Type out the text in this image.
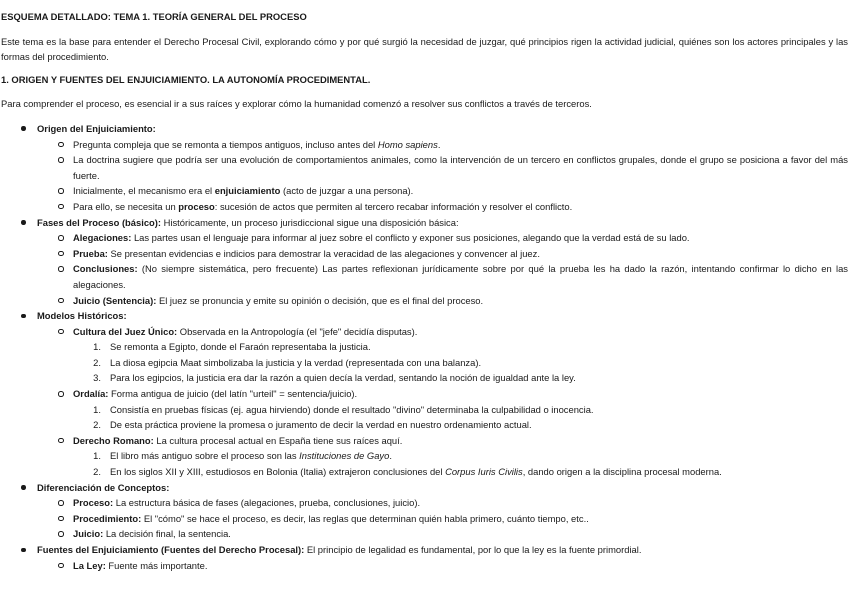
ESQUEMA DETALLADO: TEMA 1. TEORÍA GENERAL DEL PROCESO

Este tema es la base para entender el Derecho Procesal Civil, explorando cómo y por qué surgió la necesidad de juzgar, qué principios rigen la actividad judicial, quiénes son los actores principales y las formas del procedimiento.

1. ORIGEN Y FUENTES DEL ENJUICIAMIENTO. LA AUTONOMÍA PROCEDIMENTAL.

Para comprender el proceso, es esencial ir a sus raíces y explorar cómo la humanidad comenzó a resolver sus conflictos a través de terceros.

Origen del Enjuiciamiento:
Pregunta compleja que se remonta a tiempos antiguos, incluso antes del Homo sapiens.
La doctrina sugiere que podría ser una evolución de comportamientos animales, como la intervención de un tercero en conflictos grupales, donde el grupo se posiciona a favor del más fuerte.
Inicialmente, el mecanismo era el enjuiciamiento (acto de juzgar a una persona).
Para ello, se necesita un proceso: sucesión de actos que permiten al tercero recabar información y resolver el conflicto.
Fases del Proceso (básico): Históricamente, un proceso jurisdiccional sigue una disposición básica:
Alegaciones: Las partes usan el lenguaje para informar al juez sobre el conflicto y exponer sus posiciones, alegando que la verdad está de su lado.
Prueba: Se presentan evidencias e indicios para demostrar la veracidad de las alegaciones y convencer al juez.
Conclusiones: (No siempre sistemática, pero frecuente) Las partes reflexionan jurídicamente sobre por qué la prueba les ha dado la razón, intentando confirmar lo dicho en las alegaciones.
Juicio (Sentencia): El juez se pronuncia y emite su opinión o decisión, que es el final del proceso.
Modelos Históricos:
Cultura del Juez Único: Observada en la Antropología (el "jefe" decidía disputas).
Se remonta a Egipto, donde el Faraón representaba la justicia.
La diosa egipcia Maat simbolizaba la justicia y la verdad (representada con una balanza).
Para los egipcios, la justicia era dar la razón a quien decía la verdad, sentando la noción de igualdad ante la ley.
Ordalía: Forma antigua de juicio (del latín "urteil" = sentencia/juicio).
Consistía en pruebas físicas (ej. agua hirviendo) donde el resultado "divino" determinaba la culpabilidad o inocencia.
De esta práctica proviene la promesa o juramento de decir la verdad en nuestro ordenamiento actual.
Derecho Romano: La cultura procesal actual en España tiene sus raíces aquí.
El libro más antiguo sobre el proceso son las Instituciones de Gayo.
En los siglos XII y XIII, estudiosos en Bolonia (Italia) extrajeron conclusiones del Corpus Iuris Civilis, dando origen a la disciplina procesal moderna.
Diferenciación de Conceptos:
Proceso: La estructura básica de fases (alegaciones, prueba, conclusiones, juicio).
Procedimiento: El "cómo" se hace el proceso, es decir, las reglas que determinan quién habla primero, cuánto tiempo, etc..
Juicio: La decisión final, la sentencia.
Fuentes del Enjuiciamiento (Fuentes del Derecho Procesal): El principio de legalidad es fundamental, por lo que la ley es la fuente primordial.
La Ley: Fuente más importante.
